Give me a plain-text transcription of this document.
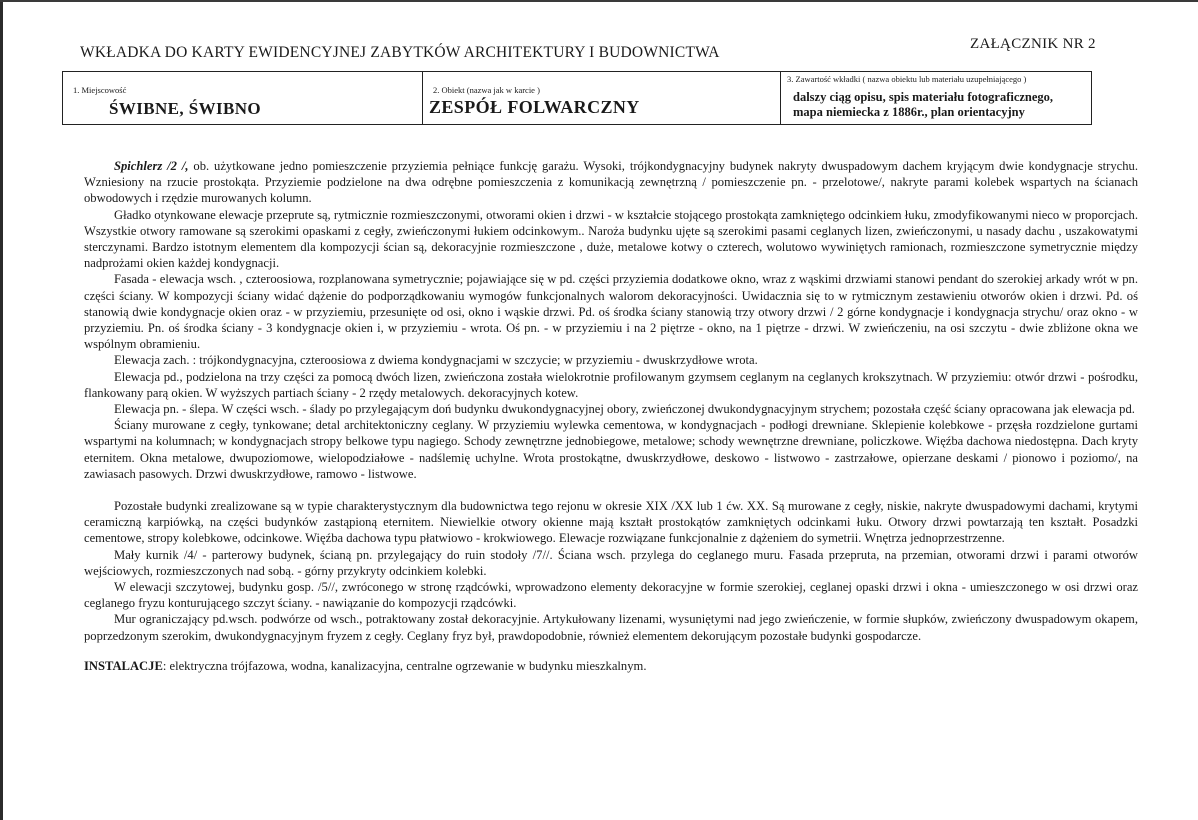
ZAŁĄCZNIK NR 2
WKŁADKA DO KARTY EWIDENCYJNEJ ZABYTKÓW ARCHITEKTURY I BUDOWNICTWA
1. Miejscowość
ŚWIBNE, ŚWIBNO
2. Obiekt (nazwa jak w karcie )
ZESPÓŁ FOLWARCZNY
3. Zawartość wkładki ( nazwa obiektu lub materiału uzupełniającego )
dalszy ciąg opisu, spis materiału fotograficznego, mapa niemiecka z 1886r., plan orientacyjny

Spichlerz /2 /, ob. użytkowane jedno pomieszczenie przyziemia pełniące funkcję garażu. Wysoki, trójkondygnacyjny budynek nakryty dwuspadowym dachem kryjącym dwie kondygnacje strychu. Wzniesiony na rzucie prostokąta. Przyziemie podzielone na dwa odrębne pomieszczenia z komunikacją zewnętrzną / pomieszczenie pn. - przelotowe/, nakryte parami kolebek wspartych na ścianach obwodowych i rzędzie murowanych kolumn.

Gładko otynkowane elewacje przeprute są, rytmicznie rozmieszczonymi, otworami okien i drzwi - w kształcie stojącego prostokąta zamkniętego odcinkiem łuku, zmodyfikowanymi nieco w proporcjach. Wszystkie otwory ramowane są szerokimi opaskami z cegły, zwieńczonymi łukiem odcinkowym.. Naroża budynku ujęte są szerokimi pasami ceglanych lizen, zwieńczonymi, u nasady dachu , uszakowatymi sterczynami. Bardzo istotnym elementem dla kompozycji ścian są, dekoracyjnie rozmieszczone , duże, metalowe kotwy o czterech, wolutowo wywiniętych ramionach, rozmieszczone symetrycznie między nadprożami okien każdej kondygnacji.

Fasada - elewacja wsch. , czteroosiowa, rozplanowana symetrycznie; pojawiające się w pd. części przyziemia dodatkowe okno, wraz z wąskimi drzwiami stanowi pendant do szerokiej arkady wrót w pn. części ściany. W kompozycji ściany widać dążenie do podporządkowaniu wymogów funkcjonalnych walorom dekoracyjności. Uwidacznia się to w rytmicznym zestawieniu otworów okien i drzwi. Pd. oś stanowią dwie kondygnacje okien oraz - w przyziemiu, przesunięte od osi, okno i wąskie drzwi. Pd. oś środka ściany stanowią trzy otwory drzwi / 2 górne kondygnacje i kondygnacja strychu/ oraz okno - w przyziemiu. Pn. oś środka ściany - 3 kondygnacje okien i, w przyziemiu - wrota. Oś pn. - w przyziemiu i na 2 piętrze - okno, na 1 piętrze - drzwi. W zwieńczeniu, na osi szczytu - dwie zbliżone okna we wspólnym obramieniu.

Elewacja zach. : trójkondygnacyjna, czteroosiowa z dwiema kondygnacjami w szczycie; w przyziemiu - dwuskrzydłowe wrota.

Elewacja pd., podzielona na trzy części za pomocą dwóch lizen, zwieńczona została wielokrotnie profilowanym gzymsem ceglanym na ceglanych krokszytnach. W przyziemiu: otwór drzwi - pośrodku, flankowany parą okien. W wyższych partiach ściany - 2 rzędy metalowych. dekoracyjnych kotew.

Elewacja pn. - ślepa. W części wsch. - ślady po przylegającym doń budynku dwukondygnacyjnej obory, zwieńczonej dwukondygnacyjnym strychem; pozostała część ściany opracowana jak elewacja pd.

Ściany murowane z cegły, tynkowane; detal architektoniczny ceglany. W przyziemiu wylewka cementowa, w kondygnacjach - podłogi drewniane. Sklepienie kolebkowe - przęsła rozdzielone gurtami wspartymi na kolumnach; w kondygnacjach stropy belkowe typu nagiego. Schody zewnętrzne jednobiegowe, metalowe; schody wewnętrzne drewniane, policzkowe. Więźba dachowa niedostępna. Dach kryty eternitem. Okna metalowe, dwupoziomowe, wielopodziałowe - nadślemię uchylne. Wrota prostokątne, dwuskrzydłowe, deskowo - listwowo - zastrzałowe, opierzane deskami / pionowo i poziomo/, na zawiasach pasowych. Drzwi dwuskrzydłowe, ramowo - listwowe.

Pozostałe budynki zrealizowane są w typie charakterystycznym dla budownictwa tego rejonu w okresie XIX /XX lub 1 ćw. XX. Są murowane z cegły, niskie, nakryte dwuspadowymi dachami, krytymi ceramiczną karpiówką, na części budynków zastąpioną eternitem. Niewielkie otwory okienne mają kształt prostokątów zamkniętych odcinkami łuku. Otwory drzwi powtarzają ten kształt. Posadzki cementowe, stropy kolebkowe, odcinkowe. Więźba dachowa typu płatwiowo - krokwiowego. Elewacje rozwiązane funkcjonalnie z dążeniem do symetrii. Wnętrza jednoprzestrzenne.

Mały kurnik /4/ - parterowy budynek, ścianą pn. przylegający do ruin stodoły /7//. Ściana wsch. przylega do ceglanego muru. Fasada przepruta, na przemian, otworami drzwi i parami otworów wejściowych, rozmieszczonych nad sobą. - górny przykryty odcinkiem kolebki.

W elewacji szczytowej, budynku gosp. /5//, zwróconego w stronę rządcówki, wprowadzono elementy dekoracyjne w formie szerokiej, ceglanej opaski drzwi i okna - umieszczonego w osi drzwi oraz ceglanego fryzu konturującego szczyt ściany. - nawiązanie do kompozycji rządcówki.

Mur ograniczający pd.wsch. podwórze od wsch., potraktowany został dekoracyjnie. Artykułowany lizenami, wysuniętymi nad jego zwieńczenie, w formie słupków, zwieńczony dwuspadowym okapem, poprzedzonym szerokim, dwukondygnacyjnym fryzem z cegły. Ceglany fryz był, prawdopodobnie, również elementem dekorującym pozostałe budynki gospodarcze.

INSTALACJE: elektryczna trójfazowa, wodna, kanalizacyjna, centralne ogrzewanie w budynku mieszkalnym.
